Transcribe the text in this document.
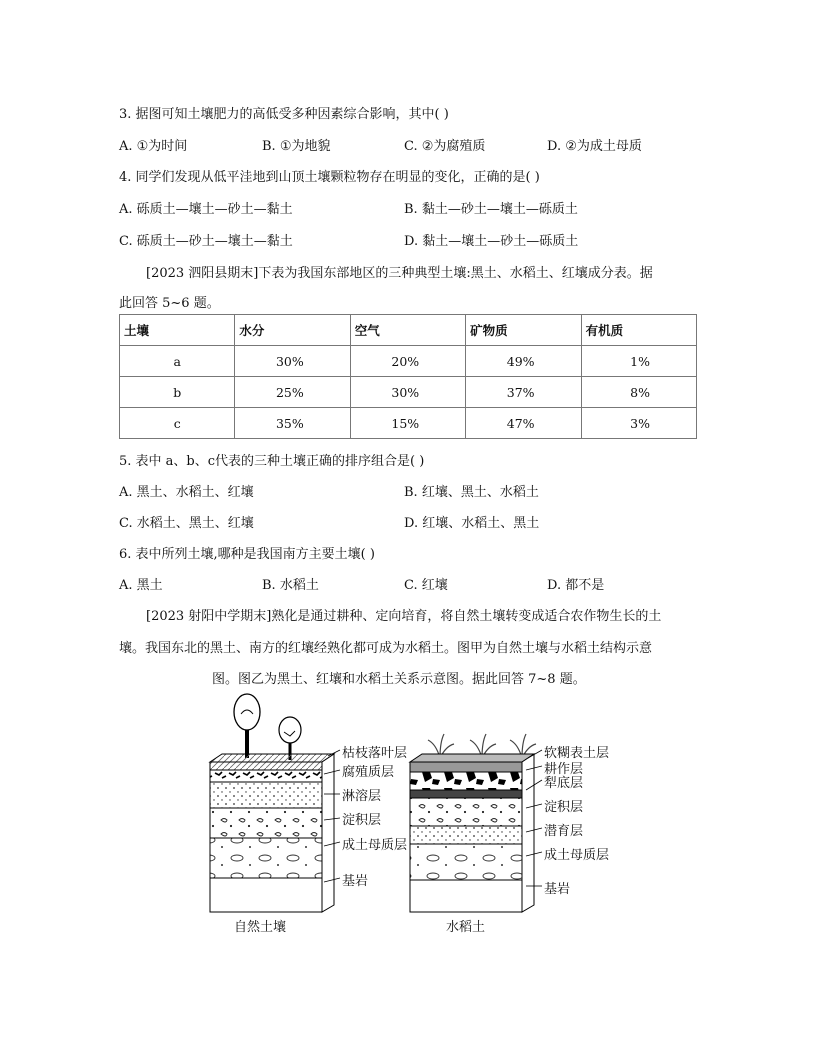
3. 据图可知土壤肥力的高低受多种因素综合影响，其中( )
A. ①为时间	B. ①为地貌	C. ②为腐殖质	D. ②为成土母质
4. 同学们发现从低平洼地到山顶土壤颗粒物存在明显的变化，正确的是( )
A. 砾质土—壤土—砂土—黏土	B. 黏土—砂土—壤土—砾质土
C. 砾质土—砂土—壤土—黏土	D. 黏土—壤土—砂土—砾质土
[2023 泗阳县期末]下表为我国东部地区的三种典型土壤:黑土、水稻土、红壤成分表。据
此回答 5~6 题。
土壤	水分	空气	矿物质	有机质
a	30%	20%	49%	1%
b	25%	30%	37%	8%
c	35%	15%	47%	3%
5. 表中 a、b、c代表的三种土壤正确的排序组合是( )
A. 黑土、水稻土、红壤	B. 红壤、黑土、水稻土
C. 水稻土、黑土、红壤	D. 红壤、水稻土、黑土
6. 表中所列土壤,哪种是我国南方主要土壤( )
A. 黑土	B. 水稻土	C. 红壤	D. 都不是
[2023 射阳中学期末]熟化是通过耕种、定向培育，将自然土壤转变成适合农作物生长的土
壤。我国东北的黑土、南方的红壤经熟化都可成为水稻土。图甲为自然土壤与水稻土结构示意
图。图乙为黑土、红壤和水稻土关系示意图。据此回答 7~8 题。
枯枝落叶层
腐殖质层
淋溶层
淀积层
成土母质层
基岩
自然土壤
软糊表土层
耕作层
犁底层
淀积层
潜育层
成土母质层
基岩
水稻土
